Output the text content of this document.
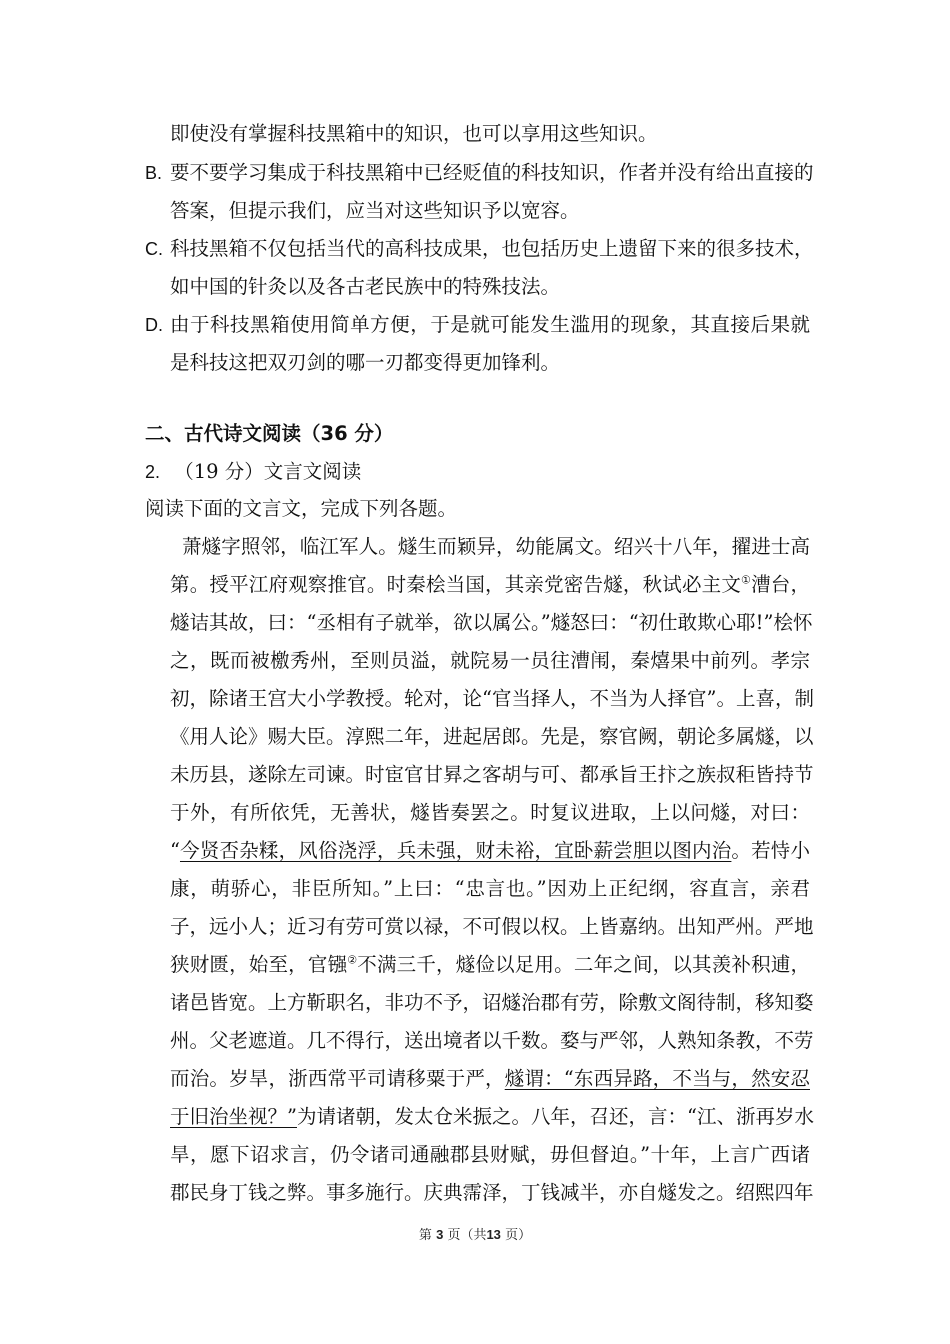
即使没有掌握科技黑箱中的知识，也可以享用这些知识。
B. 要不要学习集成于科技黑箱中已经贬值的科技知识，作者并没有给出直接的
答案，但提示我们，应当对这些知识予以宽容。
C. 科技黑箱不仅包括当代的高科技成果，也包括历史上遗留下来的很多技术，
如中国的针灸以及各古老民族中的特殊技法。
D. 由于科技黑箱使用简单方便，于是就可能发生滥用的现象，其直接后果就
是科技这把双刃剑的哪一刃都变得更加锋利。
二、古代诗文阅读（36 分）
2. （19 分）文言文阅读
阅读下面的文言文，完成下列各题。
萧燧字照邻，临江军人。燧生而颖异，幼能属文。绍兴十八年，擢进士高
第。授平江府观察推官。时秦桧当国，其亲党密告燧，秋试必主文①漕台，
燧诘其故，曰：“丞相有子就举，欲以属公。”燧怒曰：“初仕敢欺心耶!”桧怀
之，既而被檄秀州，至则员溢，就院易一员往漕闱，秦熺果中前列。孝宗
初，除诸王宫大小学教授。轮对，论“官当择人，不当为人择官”。上喜，制
《用人论》赐大臣。淳熙二年，进起居郎。先是，察官阙，朝论多属燧，以
未历县，遂除左司谏。时宦官甘昪之客胡与可、都承旨王抃之族叔秬皆持节
于外，有所依凭，无善状，燧皆奏罢之。时复议进取，上以问燧，对曰：
“今贤否杂糅，风俗浇浮，兵未强，财未裕，宜卧薪尝胆以图内治。若恃小
康，萌骄心，非臣所知。”上曰：“忠言也。”因劝上正纪纲，容直言，亲君
子，远小人；近习有劳可赏以禄，不可假以权。上皆嘉纳。出知严州。严地
狭财匮，始至，官镪②不满三千，燧俭以足用。二年之间，以其羡补积逋，
诸邑皆宽。上方靳职名，非功不予，诏燧治郡有劳，除敷文阁待制，移知婺
州。父老遮道。几不得行，送出境者以千数。婺与严邻，人熟知条教，不劳
而治。岁旱，浙西常平司请移粟于严，燧谓：“东西异路，不当与，然安忍
于旧治坐视？”为请诸朝，发太仓米振之。八年，召还，言：“江、浙再岁水
旱，愿下诏求言，仍令诸司通融郡县财赋，毋但督迫。”十年，上言广西诸
郡民身丁钱之弊。事多施行。庆典霈泽，丁钱减半，亦自燧发之。绍熙四年
第 3 页（共13 页）
